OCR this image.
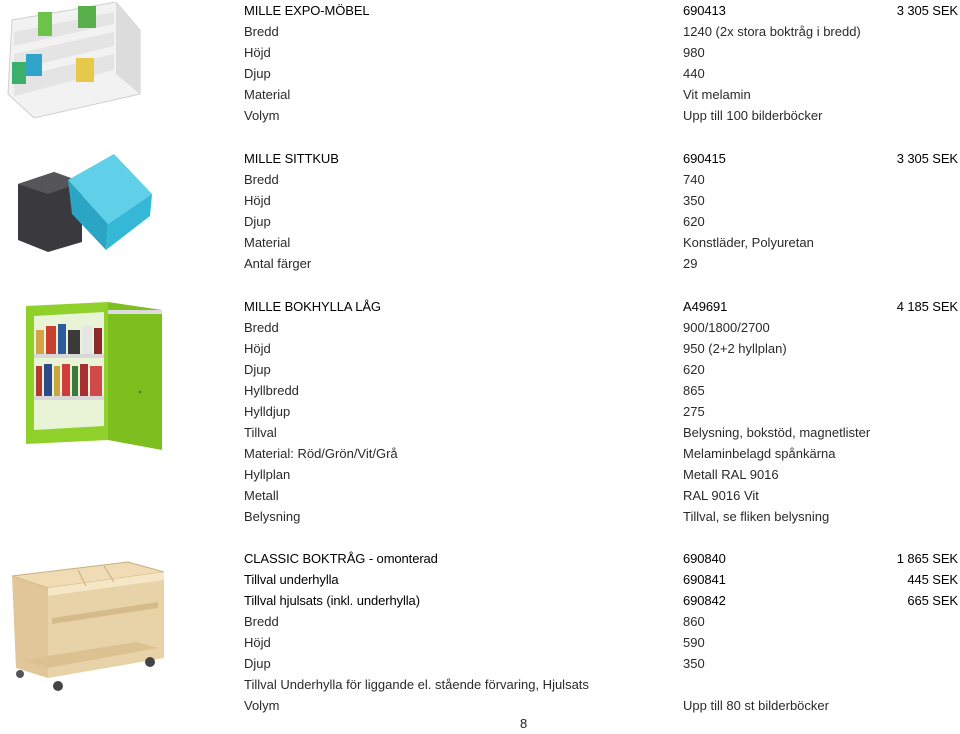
MILLE EXPO-MÖBEL	690413	3 305 SEK
Bredd	1240 (2x stora boktråg i bredd)
Höjd	980
Djup	440
Material	Vit melamin
Volym	Upp till 100 bilderböcker
MILLE SITTKUB	690415	3 305 SEK
Bredd	740
Höjd	350
Djup	620
Material	Konstläder, Polyuretan
Antal färger	29
MILLE BOKHYLLA LÅG	A49691	4 185 SEK
Bredd	900/1800/2700
Höjd	950 (2+2 hyllplan)
Djup	620
Hyllbredd	865
Hylldjup	275
Tillval	Belysning, bokstöd, magnetlister
Material: Röd/Grön/Vit/Grå	Melaminbelagd spånkärna
Hyllplan	Metall RAL 9016
Metall	RAL 9016 Vit
Belysning	Tillval, se fliken belysning
CLASSIC BOKTRÅG - omonterad	690840	1 865 SEK
Tillval underhylla	690841	445 SEK
Tillval hjulsats (inkl. underhylla)	690842	665 SEK
Bredd	860
Höjd	590
Djup	350
Tillval Underhylla för liggande el. stående förvaring, Hjulsats
Volym	Upp till 80 st bilderböcker
8
